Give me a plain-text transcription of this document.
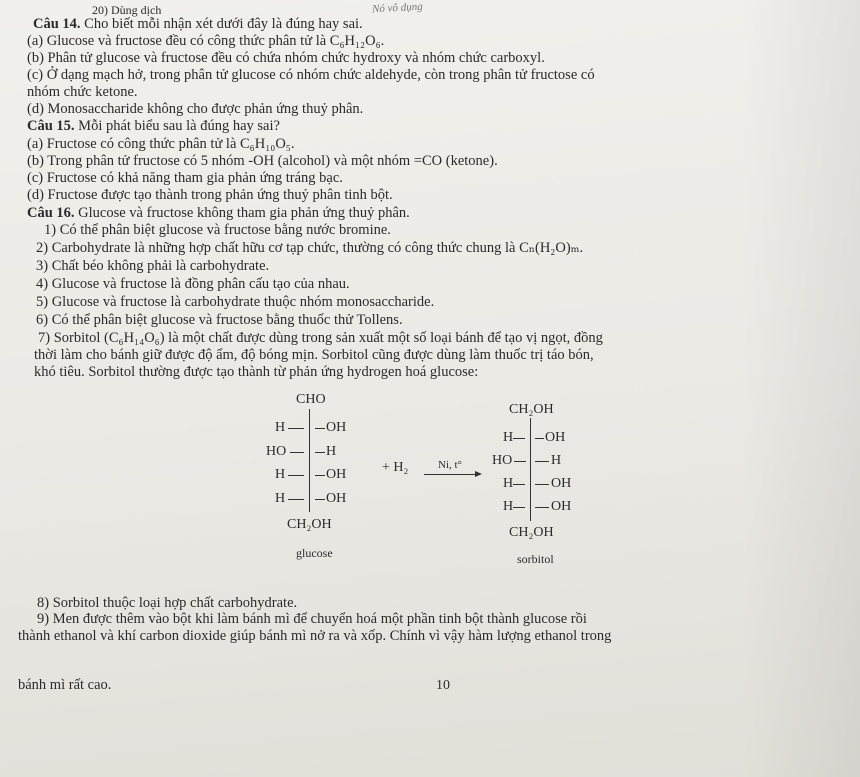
20) Dùng dịch	Nó vô dụng
Câu 14. Cho biết mỗi nhận xét dưới đây là đúng hay sai.
(a) Glucose và fructose đều có công thức phân tử là C₆H₁₂O₆.
(b) Phân tử glucose và fructose đều có chứa nhóm chức hydroxy và nhóm chức carboxyl.
(c) Ở dạng mạch hở, trong phân tử glucose có nhóm chức aldehyde, còn trong phân tử fructose có
nhóm chức ketone.
(d) Monosaccharide không cho được phản ứng thuỷ phân.
Câu 15. Mỗi phát biểu sau là đúng hay sai?
(a) Fructose có công thức phân tử là C₆H₁₀O₅.
(b) Trong phân tử fructose có 5 nhóm -OH (alcohol) và một nhóm =CO (ketone).
(c) Fructose có khả năng tham gia phản ứng tráng bạc.
(d) Fructose được tạo thành trong phản ứng thuỷ phân tinh bột.
Câu 16. Glucose và fructose không tham gia phản ứng thuỷ phân.
1) Có thể phân biệt glucose và fructose bằng nước bromine.
2) Carbohydrate là những hợp chất hữu cơ tạp chức, thường có công thức chung là Cₙ(H₂O)ₘ.
3) Chất béo không phải là carbohydrate.
4) Glucose và fructose là đồng phân cấu tạo của nhau.
5) Glucose và fructose là carbohydrate thuộc nhóm monosaccharide.
6) Có thể phân biệt glucose và fructose bằng thuốc thử Tollens.
7) Sorbitol (C₆H₁₄O₆) là một chất được dùng trong sản xuất một số loại bánh để tạo vị ngọt, đồng
thời làm cho bánh giữ được độ ẩm, độ bóng mịn. Sorbitol cũng được dùng làm thuốc trị táo bón,
khó tiêu. Sorbitol thường được tạo thành từ phản ứng hydrogen hoá glucose:
CHO
H	OH
HO	H
H	OH
H	OH
CH₂OH
glucose
+ H₂	Ni, t°
CH₂OH
H OH
HO	H
H	OH
H	OH
CH₂OH
sorbitol
8) Sorbitol thuộc loại hợp chất carbohydrate.
9) Men được thêm vào bột khi làm bánh mì để chuyển hoá một phần tinh bột thành glucose rồi
thành ethanol và khí carbon dioxide giúp bánh mì nở ra và xốp. Chính vì vậy hàm lượng ethanol trong
bánh mì rất cao.	10
